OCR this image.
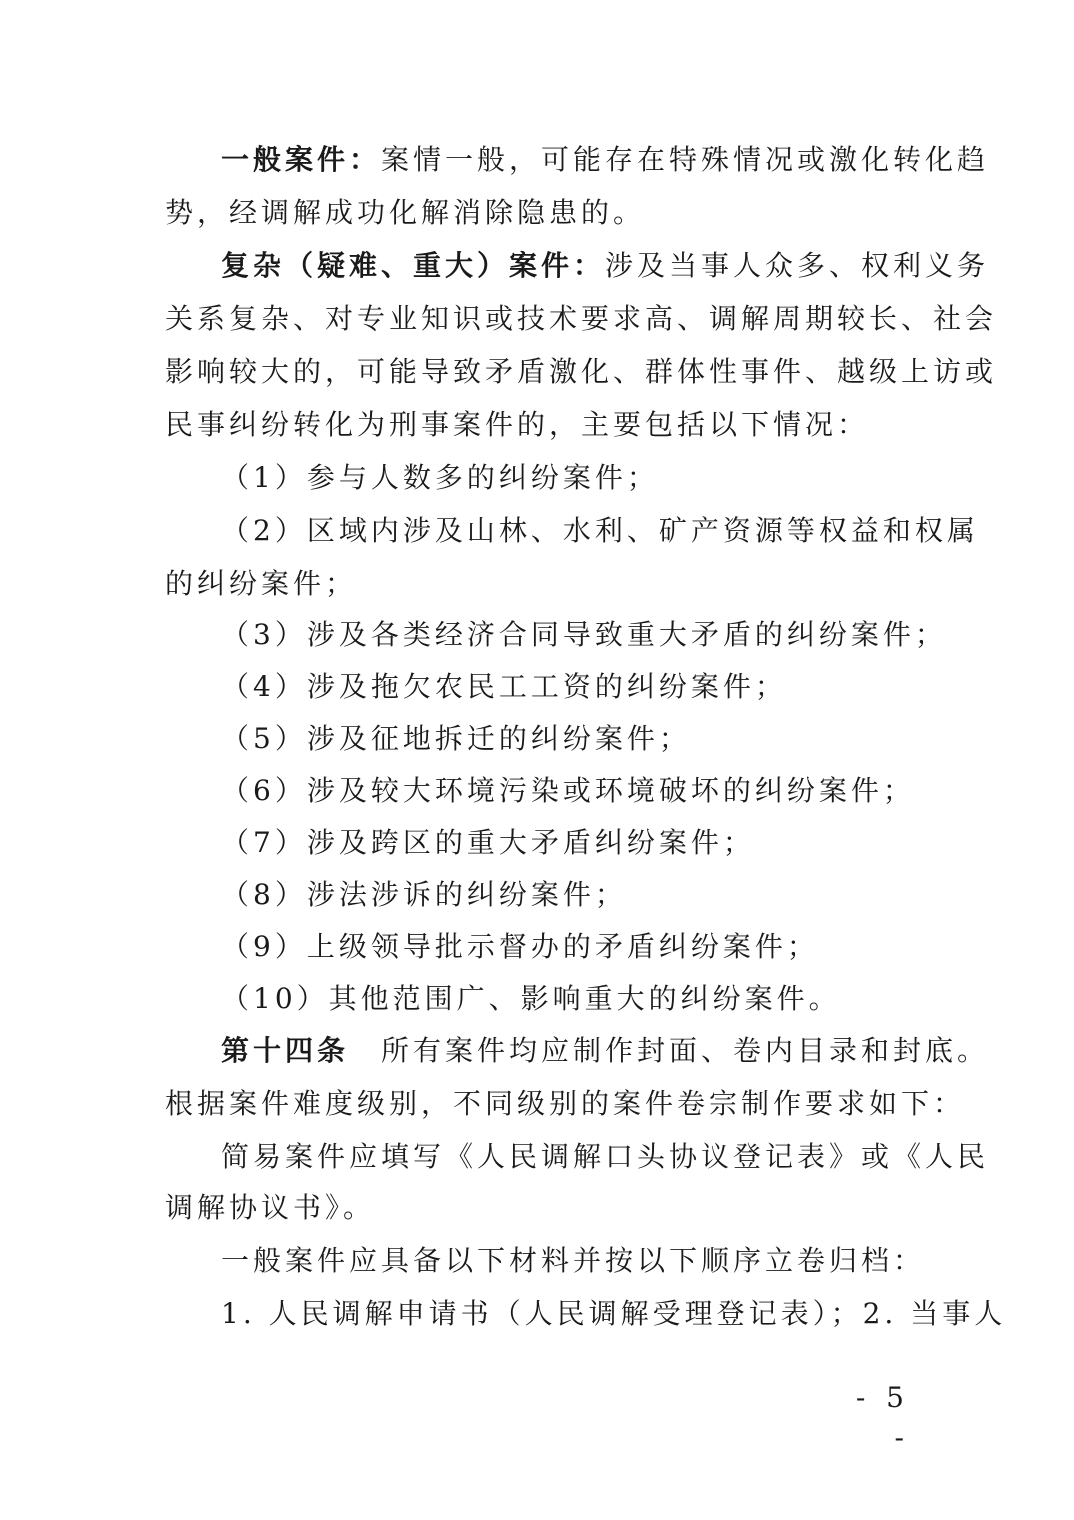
一般案件：案情一般，可能存在特殊情况或激化转化趋
势，经调解成功化解消除隐患的。
复杂（疑难、重大）案件：涉及当事人众多、权利义务
关系复杂、对专业知识或技术要求高、调解周期较长、社会
影响较大的，可能导致矛盾激化、群体性事件、越级上访或
民事纠纷转化为刑事案件的，主要包括以下情况：
（1）参与人数多的纠纷案件；
（2）区域内涉及山林、水利、矿产资源等权益和权属
的纠纷案件；
（3）涉及各类经济合同导致重大矛盾的纠纷案件；
（4）涉及拖欠农民工工资的纠纷案件；
（5）涉及征地拆迁的纠纷案件；
（6）涉及较大环境污染或环境破坏的纠纷案件；
（7）涉及跨区的重大矛盾纠纷案件；
（8）涉法涉诉的纠纷案件；
（9）上级领导批示督办的矛盾纠纷案件；
（10）其他范围广、影响重大的纠纷案件。
第十四条　所有案件均应制作封面、卷内目录和封底。
根据案件难度级别，不同级别的案件卷宗制作要求如下：
简易案件应填写《人民调解口头协议登记表》或《人民
调解协议书》。
一般案件应具备以下材料并按以下顺序立卷归档：
1. 人民调解申请书（人民调解受理登记表）；2. 当事人
- 5 -
